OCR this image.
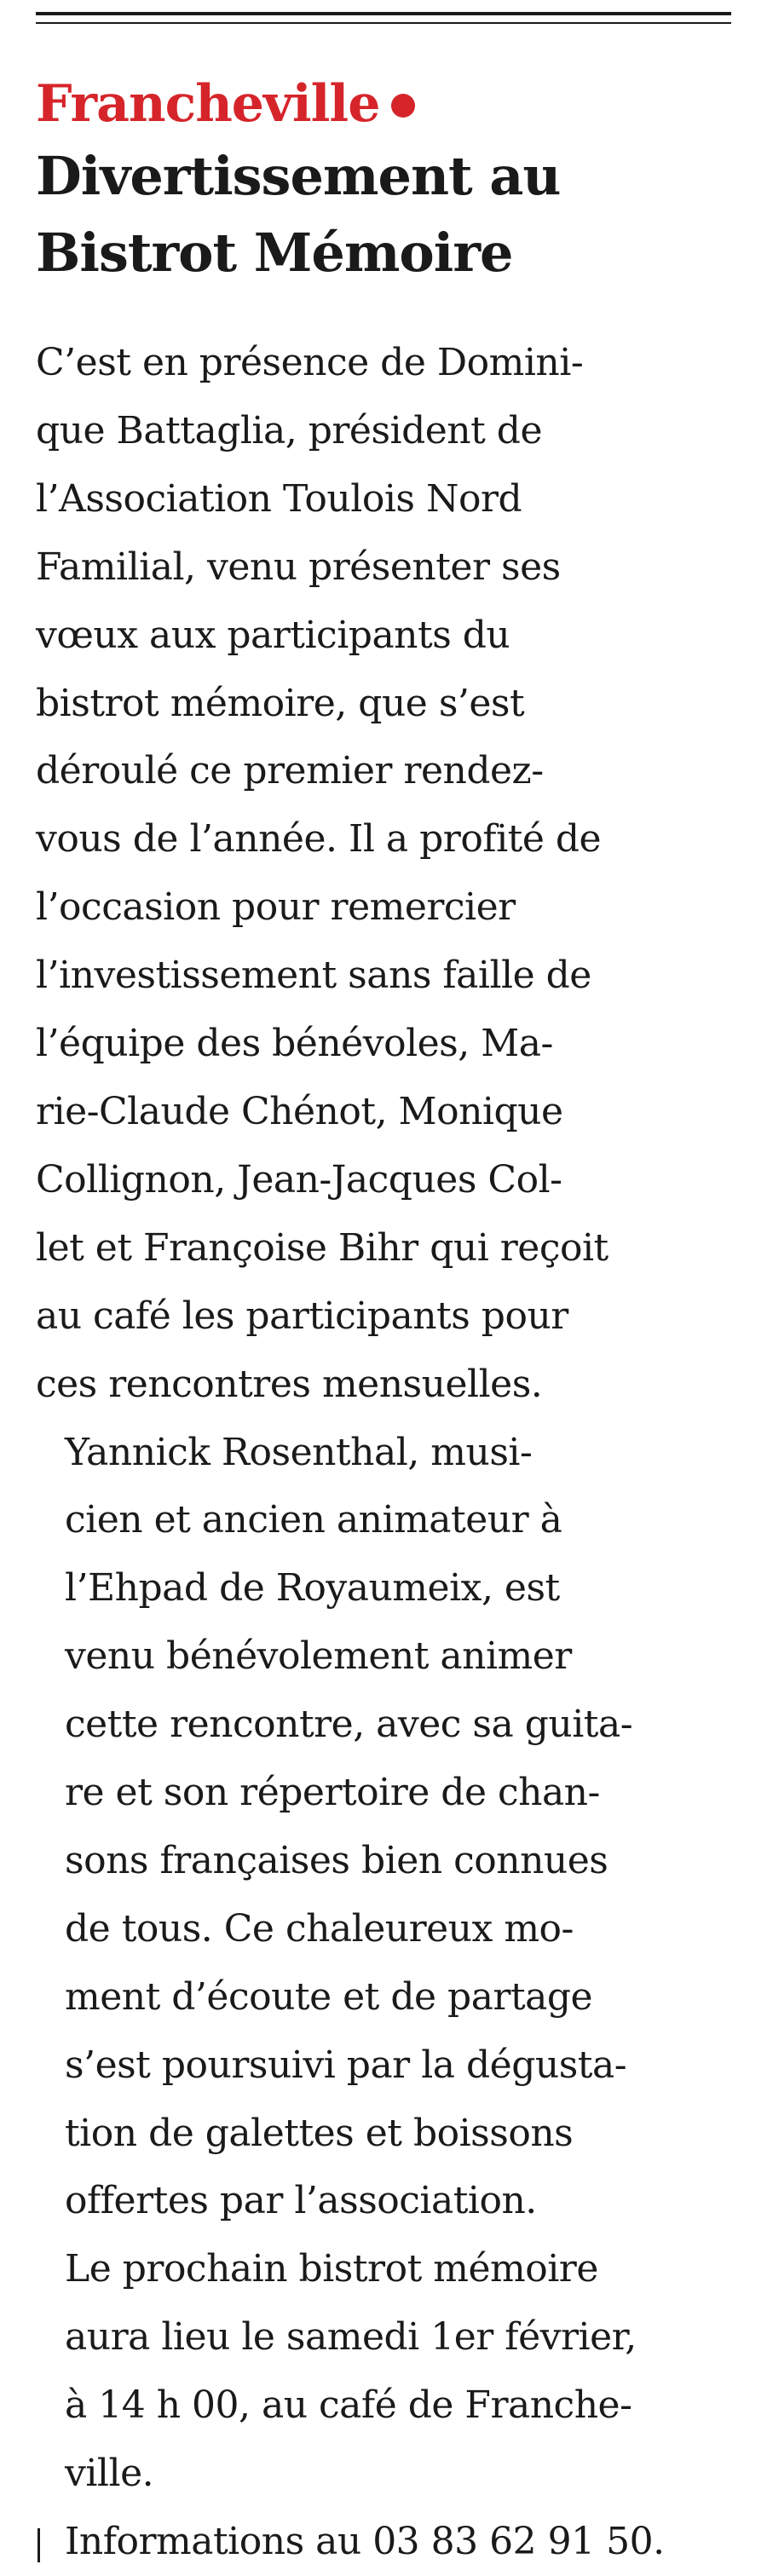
Francheville
Divertissement au
Bistrot Mémoire

C’est en présence de Domini-
que Battaglia, président de
l’Association Toulois Nord
Familial, venu présenter ses
vœux aux participants du
bistrot mémoire, que s’est
déroulé ce premier rendez-
vous de l’année. Il a profité de
l’occasion pour remercier
l’investissement sans faille de
l’équipe des bénévoles, Ma-
rie-Claude Chénot, Monique
Collignon, Jean-Jacques Col-
let et Françoise Bihr qui reçoit
au café les participants pour
ces rencontres mensuelles.

Yannick Rosenthal, musi-
cien et ancien animateur à
l’Ehpad de Royaumeix, est
venu bénévolement animer
cette rencontre, avec sa guita-
re et son répertoire de chan-
sons françaises bien connues
de tous. Ce chaleureux mo-
ment d’écoute et de partage
s’est poursuivi par la dégusta-
tion de galettes et boissons
offertes par l’association.

Le prochain bistrot mémoire
aura lieu le samedi 1er février,
à 14 h 00, au café de Franche-
ville.

Informations au 03 83 62 91 50.
